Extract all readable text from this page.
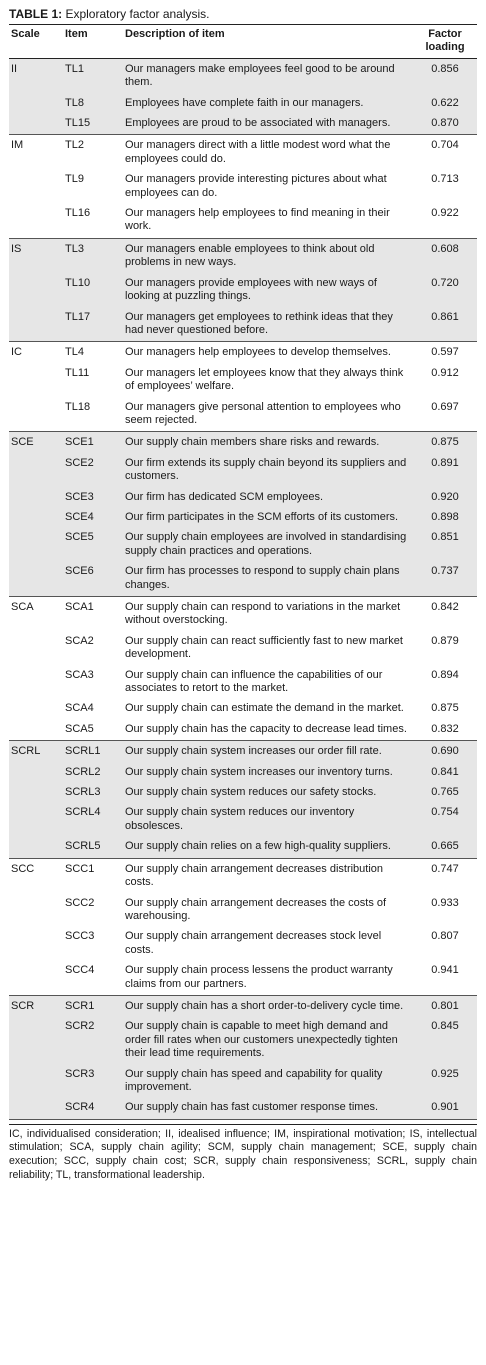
TABLE 1: Exploratory factor analysis.
Scale	Item	Description of item	Factor loading
II	TL1	Our managers make employees feel good to be around them.	0.856
	TL8	Employees have complete faith in our managers.	0.622
	TL15	Employees are proud to be associated with managers.	0.870
IM	TL2	Our managers direct with a little modest word what the employees could do.	0.704
	TL9	Our managers provide interesting pictures about what employees can do.	0.713
	TL16	Our managers help employees to find meaning in their work.	0.922
IS	TL3	Our managers enable employees to think about old problems in new ways.	0.608
	TL10	Our managers provide employees with new ways of looking at puzzling things.	0.720
	TL17	Our managers get employees to rethink ideas that they had never questioned before.	0.861
IC	TL4	Our managers help employees to develop themselves.	0.597
	TL11	Our managers let employees know that they always think of employees’ welfare.	0.912
	TL18	Our managers give personal attention to employees who seem rejected.	0.697
SCE	SCE1	Our supply chain members share risks and rewards.	0.875
	SCE2	Our firm extends its supply chain beyond its suppliers and customers.	0.891
	SCE3	Our firm has dedicated SCM employees.	0.920
	SCE4	Our firm participates in the SCM efforts of its customers.	0.898
	SCE5	Our supply chain employees are involved in standardising supply chain practices and operations.	0.851
	SCE6	Our firm has processes to respond to supply chain plans changes.	0.737
SCA	SCA1	Our supply chain can respond to variations in the market without overstocking.	0.842
	SCA2	Our supply chain can react sufficiently fast to new market development.	0.879
	SCA3	Our supply chain can influence the capabilities of our associates to retort to the market.	0.894
	SCA4	Our supply chain can estimate the demand in the market.	0.875
	SCA5	Our supply chain has the capacity to decrease lead times.	0.832
SCRL	SCRL1	Our supply chain system increases our order fill rate.	0.690
	SCRL2	Our supply chain system increases our inventory turns.	0.841
	SCRL3	Our supply chain system reduces our safety stocks.	0.765
	SCRL4	Our supply chain system reduces our inventory obsolesces.	0.754
	SCRL5	Our supply chain relies on a few high-quality suppliers.	0.665
SCC	SCC1	Our supply chain arrangement decreases distribution costs.	0.747
	SCC2	Our supply chain arrangement decreases the costs of warehousing.	0.933
	SCC3	Our supply chain arrangement decreases stock level costs.	0.807
	SCC4	Our supply chain process lessens the product warranty claims from our partners.	0.941
SCR	SCR1	Our supply chain has a short order-to-delivery cycle time.	0.801
	SCR2	Our supply chain is capable to meet high demand and order fill rates when our customers unexpectedly tighten their lead time requirements.	0.845
	SCR3	Our supply chain has speed and capability for quality improvement.	0.925
	SCR4	Our supply chain has fast customer response times.	0.901
IC, individualised consideration; II, idealised influence; IM, inspirational motivation; IS, intellectual stimulation; SCA, supply chain agility; SCM, supply chain management; SCE, supply chain execution; SCC, supply chain cost; SCR, supply chain responsiveness; SCRL, supply chain reliability; TL, transformational leadership.
